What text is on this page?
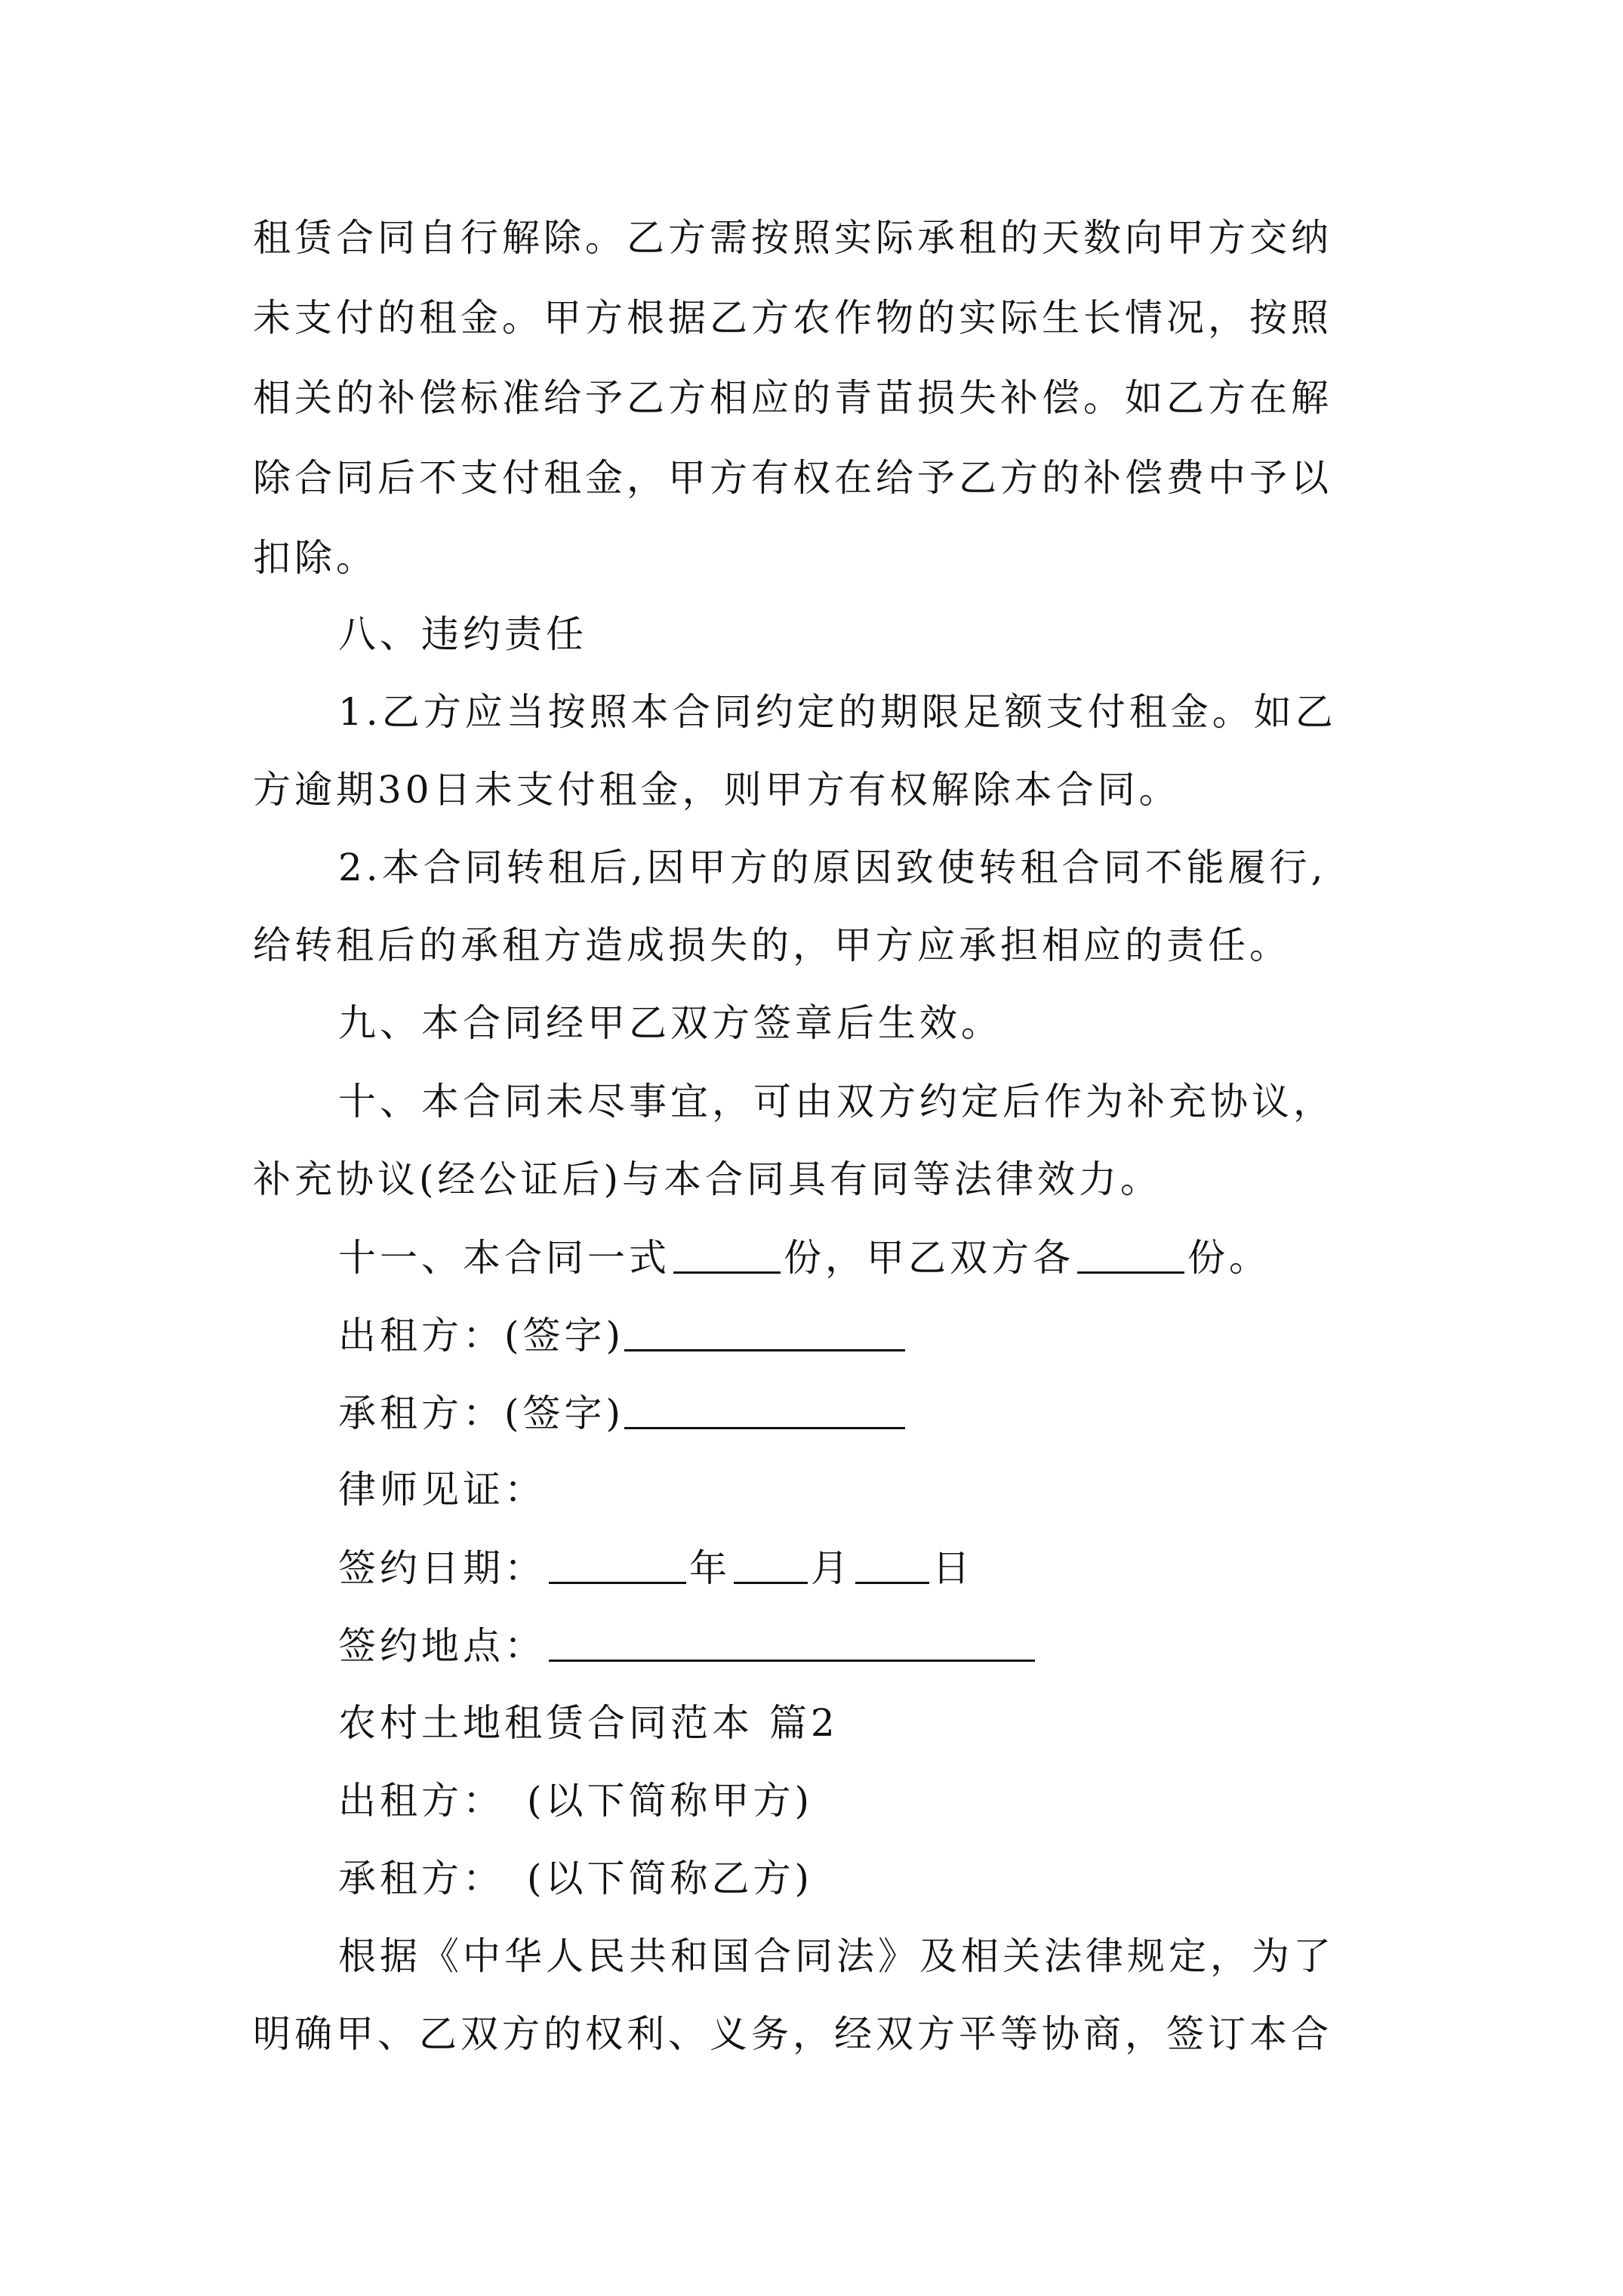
租赁合同自行解除。乙方需按照实际承租的天数向甲方交纳
未支付的租金。甲方根据乙方农作物的实际生长情况，按照
相关的补偿标准给予乙方相应的青苗损失补偿。如乙方在解
除合同后不支付租金，甲方有权在给予乙方的补偿费中予以
扣除。
八、违约责任
1.乙方应当按照本合同约定的期限足额支付租金。如乙
方逾期30日未支付租金，则甲方有权解除本合同。
2.本合同转租后,因甲方的原因致使转租合同不能履行,
给转租后的承租方造成损失的，甲方应承担相应的责任。
九、本合同经甲乙双方签章后生效。
十、本合同未尽事宜，可由双方约定后作为补充协议，
补充协议(经公证后)与本合同具有同等法律效力。
十一、本合同一式	份，甲乙双方各	份。
出租方：(签字)
承租方：(签字)
律师见证：
签约日期：	年 月 日
签约地点：
农村土地租赁合同范本 篇2
出租方：　(以下简称甲方)
承租方：　(以下简称乙方)
根据《中华人民共和国合同法》及相关法律规定，为了
明确甲、乙双方的权利、义务，经双方平等协商，签订本合
